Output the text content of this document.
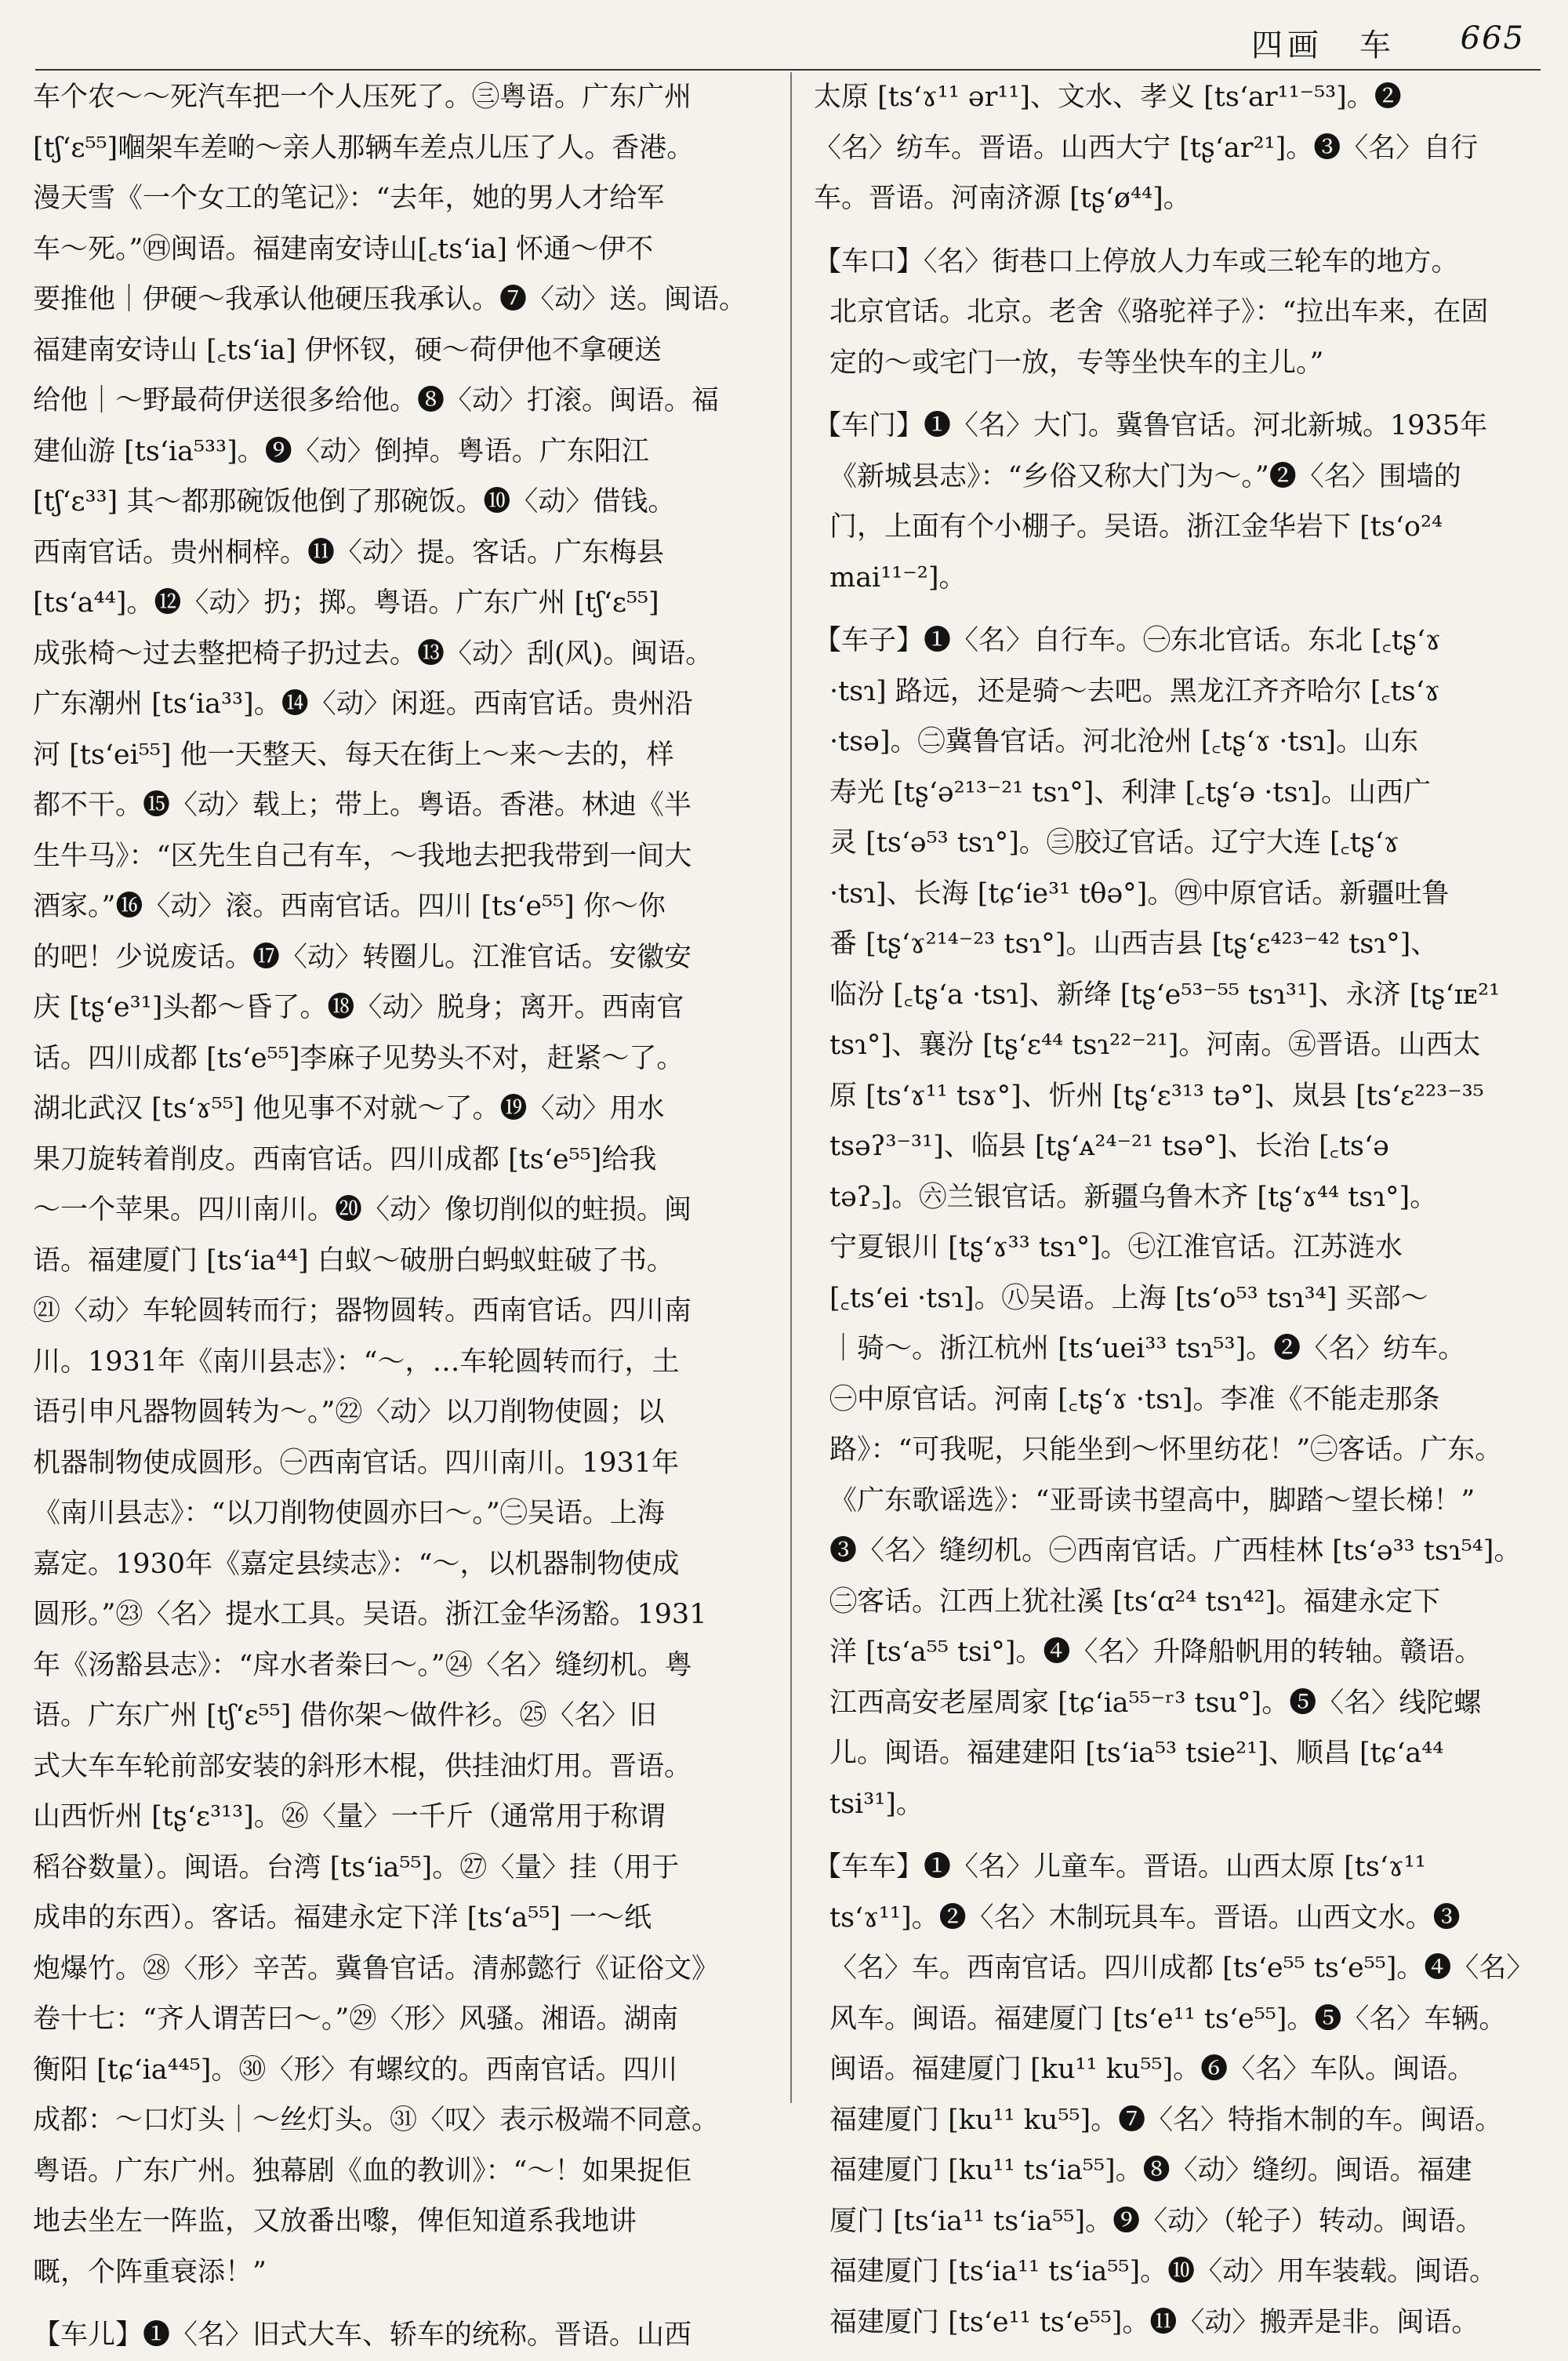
四画　车 665
车个农～～死汽车把一个人压死了。㊂粤语。广东广州
[tʃʻɛ⁵⁵]嗰架车差啲～亲人那辆车差点儿压了人。香港。
漫天雪《一个女工的笔记》：“去年，她的男人才给军
车～死。”㊃闽语。福建南安诗山[꜀tsʻia] 怀通～伊不
要推他｜伊硬～我承认他硬压我承认。❼〈动〉送。闽语。
福建南安诗山 [꜀tsʻia] 伊怀钗，硬～荷伊他不拿硬送
给他｜～野最荷伊送很多给他。❽〈动〉打滚。闽语。福
建仙游 [tsʻia⁵³³]。❾〈动〉倒掉。粤语。广东阳江
[tʃʻɛ³³] 其～都那碗饭他倒了那碗饭。❿〈动〉借钱。
西南官话。贵州桐梓。⓫〈动〉提。客话。广东梅县
[tsʻa⁴⁴]。⓬〈动〉扔；掷。粤语。广东广州 [tʃʻɛ⁵⁵]
成张椅～过去整把椅子扔过去。⓭〈动〉刮(风)。闽语。
广东潮州 [tsʻia³³]。⓮〈动〉闲逛。西南官话。贵州沿
河 [tsʻei⁵⁵] 他一天整天、每天在街上～来～去的，样
都不干。⓯〈动〉载上；带上。粤语。香港。林迪《半
生牛马》：“区先生自己有车，～我地去把我带到一间大
酒家。”⓰〈动〉滚。西南官话。四川 [tsʻe⁵⁵] 你～你
的吧！少说废话。⓱〈动〉转圈儿。江淮官话。安徽安
庆 [tʂʻe³¹]头都～昏了。⓲〈动〉脱身；离开。西南官
话。四川成都 [tsʻe⁵⁵]李麻子见势头不对，赶紧～了。
湖北武汉 [tsʻɤ⁵⁵] 他见事不对就～了。⓳〈动〉用水
果刀旋转着削皮。西南官话。四川成都 [tsʻe⁵⁵]给我
～一个苹果。四川南川。⓴〈动〉像切削似的蛀损。闽
语。福建厦门 [tsʻia⁴⁴] 白蚁～破册白蚂蚁蛀破了书。
㉑〈动〉车轮圆转而行；器物圆转。西南官话。四川南
川。1931年《南川县志》：“～，…车轮圆转而行，土
语引申凡器物圆转为～。”㉒〈动〉以刀削物使圆；以
机器制物使成圆形。㊀西南官话。四川南川。1931年
《南川县志》：“以刀削物使圆亦曰～。”㊁吴语。上海
嘉定。1930年《嘉定县续志》：“～，以机器制物使成
圆形。”㉓〈名〉提水工具。吴语。浙江金华汤豁。1931
年《汤豁县志》：“戽水者桊曰～。”㉔〈名〉缝纫机。粤
语。广东广州 [tʃʻɛ⁵⁵] 借你架～做件衫。㉕〈名〉旧
式大车车轮前部安装的斜形木棍，供挂油灯用。晋语。
山西忻州 [tʂʻɛ³¹³]。㉖〈量〉一千斤（通常用于称谓
稻谷数量）。闽语。台湾 [tsʻia⁵⁵]。㉗〈量〉挂（用于
成串的东西）。客话。福建永定下洋 [tsʻa⁵⁵] 一～纸
炮爆竹。㉘〈形〉辛苦。冀鲁官话。清郝懿行《证俗文》
卷十七：“齐人谓苦曰～。”㉙〈形〉风骚。湘语。湖南
衡阳 [tɕʻia⁴⁴⁵]。㉚〈形〉有螺纹的。西南官话。四川
成都：～口灯头｜～丝灯头。㉛〈叹〉表示极端不同意。
粤语。广东广州。独幕剧《血的教训》：“～！如果捉佢
地去坐左一阵监，又放番出嚟，俾佢知道系我地讲
嘅，个阵重衰添！”
【车儿】❶〈名〉旧式大车、轿车的统称。晋语。山西
太原 [tsʻɤ¹¹ ər¹¹]、文水、孝义 [tsʻar¹¹⁻⁵³]。❷
〈名〉纺车。晋语。山西大宁 [tʂʻar²¹]。❸〈名〉自行
车。晋语。河南济源 [tʂʻø⁴⁴]。
【车口】〈名〉街巷口上停放人力车或三轮车的地方。
北京官话。北京。老舍《骆驼祥子》：“拉出车来，在固
定的～或宅门一放，专等坐快车的主儿。”
【车门】❶〈名〉大门。冀鲁官话。河北新城。1935年
《新城县志》：“乡俗又称大门为～。”❷〈名〉围墙的
门，上面有个小棚子。吴语。浙江金华岩下 [tsʻo²⁴
mai¹¹⁻²]。
【车子】❶〈名〉自行车。㊀东北官话。东北 [꜀tʂʻɤ
·tsɿ] 路远，还是骑～去吧。黑龙江齐齐哈尔 [꜀tsʻɤ
·tsə]。㊁冀鲁官话。河北沧州 [꜀tʂʻɤ ·tsɿ]。山东
寿光 [tʂʻə²¹³⁻²¹ tsɿ°]、利津 [꜀tʂʻə ·tsɿ]。山西广
灵 [tsʻə⁵³ tsɿ°]。㊂胶辽官话。辽宁大连 [꜀tʂʻɤ
·tsɿ]、长海 [tɕʻie³¹ tθə°]。㊃中原官话。新疆吐鲁
番 [tʂʻɤ²¹⁴⁻²³ tsɿ°]。山西吉县 [tʂʻɛ⁴²³⁻⁴² tsɿ°]、
临汾 [꜀tʂʻa ·tsɿ]、新绛 [tʂʻe⁵³⁻⁵⁵ tsɿ³¹]、永济 [tʂʻɪᴇ²¹
tsɿ°]、襄汾 [tʂʻɛ⁴⁴ tsɿ²²⁻²¹]。河南。㊄晋语。山西太
原 [tsʻɤ¹¹ tsɤ°]、忻州 [tʂʻɛ³¹³ tə°]、岚县 [tsʻɛ²²³⁻³⁵
tsəʔ³⁻³¹]、临县 [tʂʻᴀ²⁴⁻²¹ tsə°]、长治 [꜀tsʻə
təʔ꜆]。㊅兰银官话。新疆乌鲁木齐 [tʂʻɤ⁴⁴ tsɿ°]。
宁夏银川 [tʂʻɤ³³ tsɿ°]。㊆江淮官话。江苏涟水
[꜀tsʻei ·tsɿ]。㊇吴语。上海 [tsʻo⁵³ tsɿ³⁴] 买部～
｜骑～。浙江杭州 [tsʻuei³³ tsɿ⁵³]。❷〈名〉纺车。
㊀中原官话。河南 [꜀tʂʻɤ ·tsɿ]。李准《不能走那条
路》：“可我呢，只能坐到～怀里纺花！”㊁客话。广东。
《广东歌谣选》：“亚哥读书望高中，脚踏～望长梯！”
❸〈名〉缝纫机。㊀西南官话。广西桂林 [tsʻə³³ tsɿ⁵⁴]。
㊁客话。江西上犹社溪 [tsʻɑ²⁴ tsɿ⁴²]。福建永定下
洋 [tsʻa⁵⁵ tsi°]。❹〈名〉升降船帆用的转轴。赣语。
江西高安老屋周家 [tɕʻia⁵⁵⁻ʳ³ tsu°]。❺〈名〉线陀螺
儿。闽语。福建建阳 [tsʻia⁵³ tsie²¹]、顺昌 [tɕʻa⁴⁴
tsi³¹]。
【车车】❶〈名〉儿童车。晋语。山西太原 [tsʻɤ¹¹
tsʻɤ¹¹]。❷〈名〉木制玩具车。晋语。山西文水。❸
〈名〉车。西南官话。四川成都 [tsʻe⁵⁵ tsʻe⁵⁵]。❹〈名〉
风车。闽语。福建厦门 [tsʻe¹¹ tsʻe⁵⁵]。❺〈名〉车辆。
闽语。福建厦门 [ku¹¹ ku⁵⁵]。❻〈名〉车队。闽语。
福建厦门 [ku¹¹ ku⁵⁵]。❼〈名〉特指木制的车。闽语。
福建厦门 [ku¹¹ tsʻia⁵⁵]。❽〈动〉缝纫。闽语。福建
厦门 [tsʻia¹¹ tsʻia⁵⁵]。❾〈动〉（轮子）转动。闽语。
福建厦门 [tsʻia¹¹ tsʻia⁵⁵]。❿〈动〉用车装载。闽语。
福建厦门 [tsʻe¹¹ tsʻe⁵⁵]。⓫〈动〉搬弄是非。闽语。
